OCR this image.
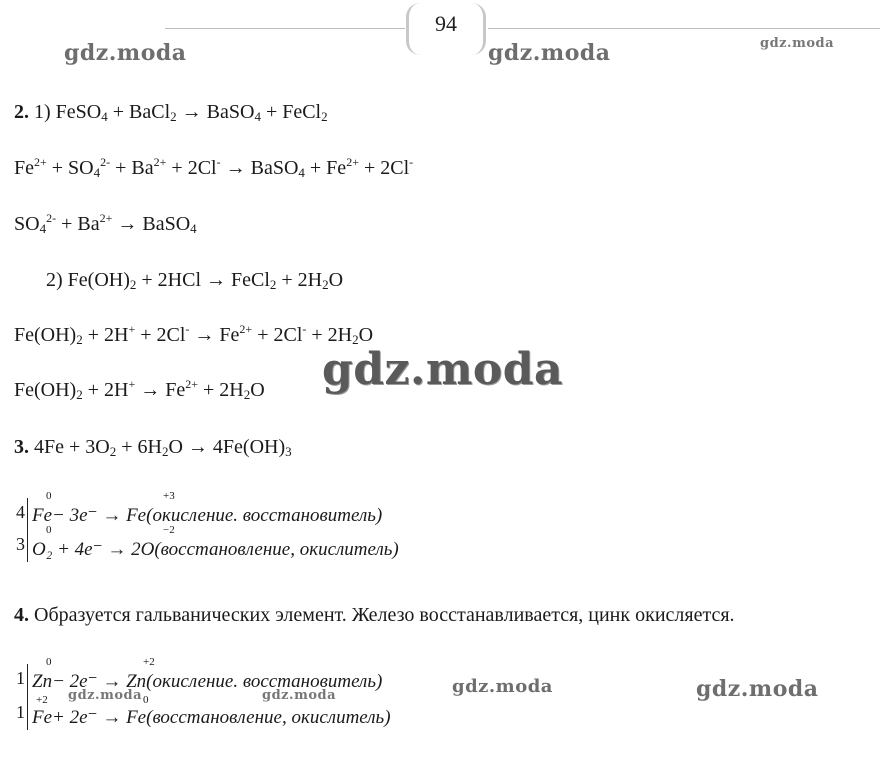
94
gdz.moda	gdz.moda	gdz.moda
gdz.moda
gdz.moda	gdz.moda	gdz.moda	gdz.moda
2. 1) FeSO$_4$ + BaCl$_2$ → BaSO$_4$ + FeCl$_2$
$Fe^{2+} + SO_4^{2-} + Ba^{2+} + 2Cl^-$ → BaSO$_4$ + $Fe^{2+} + 2Cl^-$
$SO_4^{2-} + Ba^{2+}$ → BaSO$_4$
2) $Fe(OH)_2 + 2HCl$ → FeCl$_2$ + $2H_2O$
$Fe(OH)_2 + 2H^+ + 2Cl^- \to Fe^{2+} + 2Cl^- + 2H_2O$
$Fe(OH)_2 + 2H^+ \to Fe^{2+} + 2H_2O$
3. $4Fe + 3O_2 + 6H_2O \to 4Fe(OH)_3$
4
3
0	+3
Fe− 3e⁻ → Fe(окисление. восстановитель)
0	−2
O₂ + 4e⁻ → 2O(восстановление, окислитель)
4. Образуется гальванических элемент. Железо восстанавливается, цинк окисляется.
1
1
0	+2
Zn− 2e⁻ → Zn(окисление. восстановитель)
+2	0
Fe+ 2e⁻ → Fe(восстановление, окислитель)
